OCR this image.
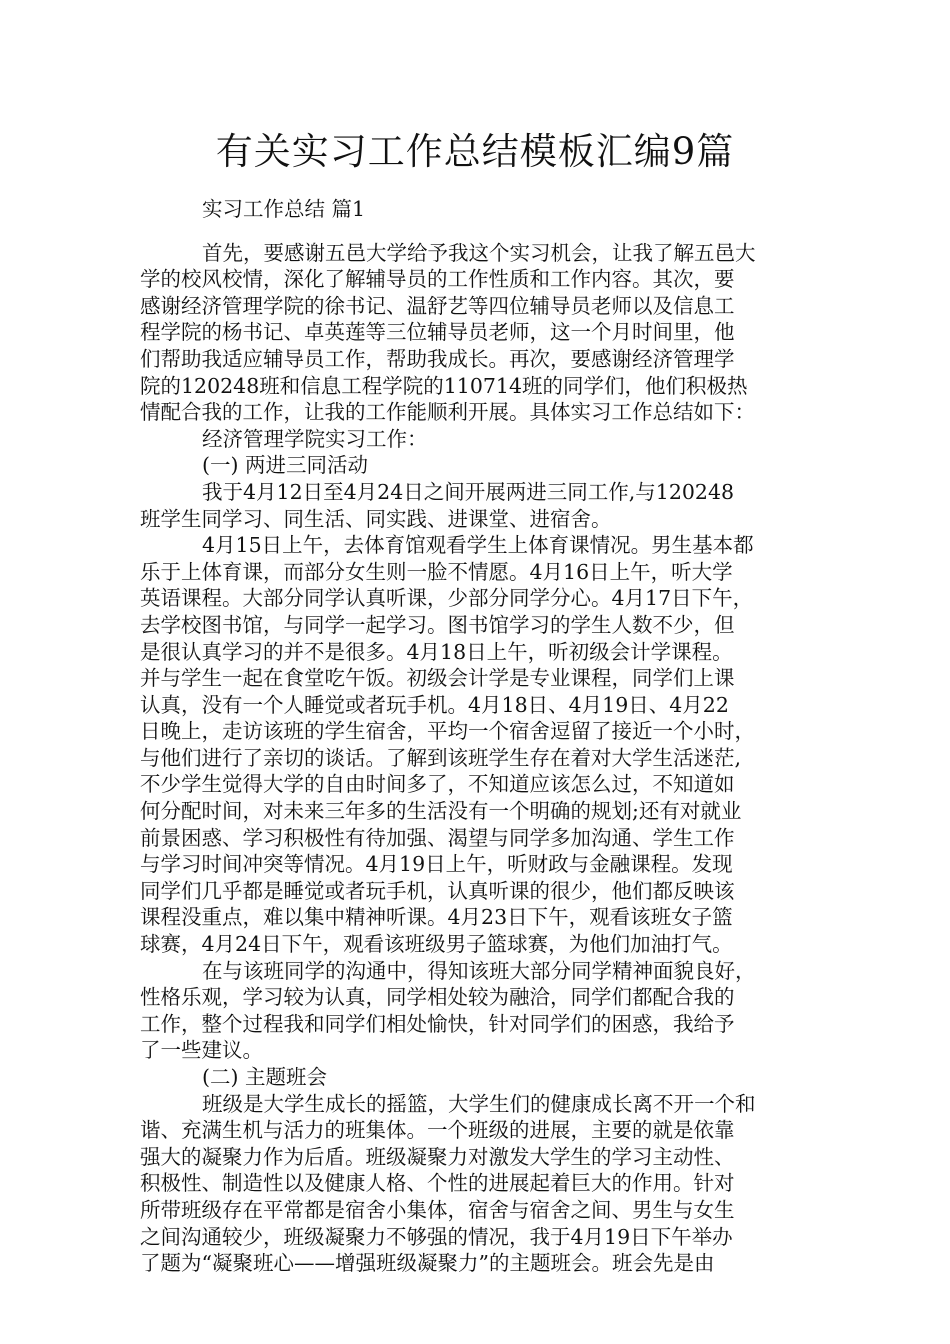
有关实习工作总结模板汇编9篇
实习工作总结 篇1
首先，要感谢五邑大学给予我这个实习机会，让我了解五邑大
学的校风校情，深化了解辅导员的工作性质和工作内容。其次，要
感谢经济管理学院的徐书记、温舒艺等四位辅导员老师以及信息工
程学院的杨书记、卓英莲等三位辅导员老师，这一个月时间里，他
们帮助我适应辅导员工作，帮助我成长。再次，要感谢经济管理学
院的120248班和信息工程学院的110714班的同学们，他们积极热
情配合我的工作，让我的工作能顺利开展。具体实习工作总结如下：
经济管理学院实习工作：
(一) 两进三同活动
我于4月12日至4月24日之间开展两进三同工作,与120248
班学生同学习、同生活、同实践、进课堂、进宿舍。
4月15日上午，去体育馆观看学生上体育课情况。男生基本都
乐于上体育课，而部分女生则一脸不情愿。4月16日上午，听大学
英语课程。大部分同学认真听课，少部分同学分心。4月17日下午，
去学校图书馆，与同学一起学习。图书馆学习的学生人数不少，但
是很认真学习的并不是很多。4月18日上午，听初级会计学课程。
并与学生一起在食堂吃午饭。初级会计学是专业课程，同学们上课
认真，没有一个人睡觉或者玩手机。4月18日、4月19日、4月22
日晚上，走访该班的学生宿舍，平均一个宿舍逗留了接近一个小时，
与他们进行了亲切的谈话。了解到该班学生存在着对大学生活迷茫,
不少学生觉得大学的自由时间多了，不知道应该怎么过，不知道如
何分配时间，对未来三年多的生活没有一个明确的规划;还有对就业
前景困惑、学习积极性有待加强、渴望与同学多加沟通、学生工作
与学习时间冲突等情况。4月19日上午，听财政与金融课程。发现
同学们几乎都是睡觉或者玩手机，认真听课的很少，他们都反映该
课程没重点，难以集中精神听课。4月23日下午，观看该班女子篮
球赛，4月24日下午，观看该班级男子篮球赛，为他们加油打气。
在与该班同学的沟通中，得知该班大部分同学精神面貌良好，
性格乐观，学习较为认真，同学相处较为融洽，同学们都配合我的
工作，整个过程我和同学们相处愉快，针对同学们的困惑，我给予
了一些建议。
(二) 主题班会
班级是大学生成长的摇篮，大学生们的健康成长离不开一个和
谐、充满生机与活力的班集体。一个班级的进展，主要的就是依靠
强大的凝聚力作为后盾。班级凝聚力对激发大学生的学习主动性、
积极性、制造性以及健康人格、个性的进展起着巨大的作用。针对
所带班级存在平常都是宿舍小集体，宿舍与宿舍之间、男生与女生
之间沟通较少，班级凝聚力不够强的情况，我于4月19日下午举办
了题为“凝聚班心——增强班级凝聚力”的主题班会。班会先是由
